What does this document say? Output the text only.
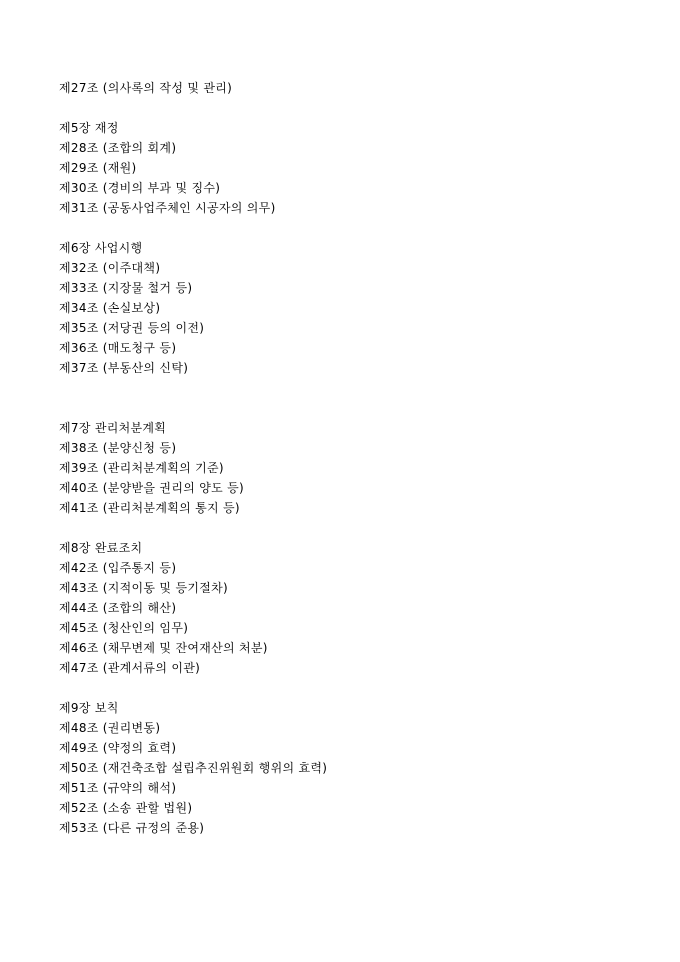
제27조 (의사록의 작성 및 관리)
제5장 재정
제28조 (조합의 회계)
제29조 (재원)
제30조 (경비의 부과 및 징수)
제31조 (공동사업주체인 시공자의 의무)
제6장 사업시행
제32조 (이주대책)
제33조 (지장물 철거 등)
제34조 (손실보상)
제35조 (저당권 등의 이전)
제36조 (매도청구 등)
제37조 (부동산의 신탁)
제7장 관리처분계획
제38조 (분양신청 등)
제39조 (관리처분계획의 기준)
제40조 (분양받을 권리의 양도 등)
제41조 (관리처분계획의 통지 등)
제8장 완료조치
제42조 (입주통지 등)
제43조 (지적이동 및 등기절차)
제44조 (조합의 해산)
제45조 (청산인의 임무)
제46조 (채무변제 및 잔여재산의 처분)
제47조 (관계서류의 이관)
제9장 보칙
제48조 (권리변동)
제49조 (약정의 효력)
제50조 (재건축조합 설립추진위원회 행위의 효력)
제51조 (규약의 해석)
제52조 (소송 관할 법원)
제53조 (다른 규정의 준용)
